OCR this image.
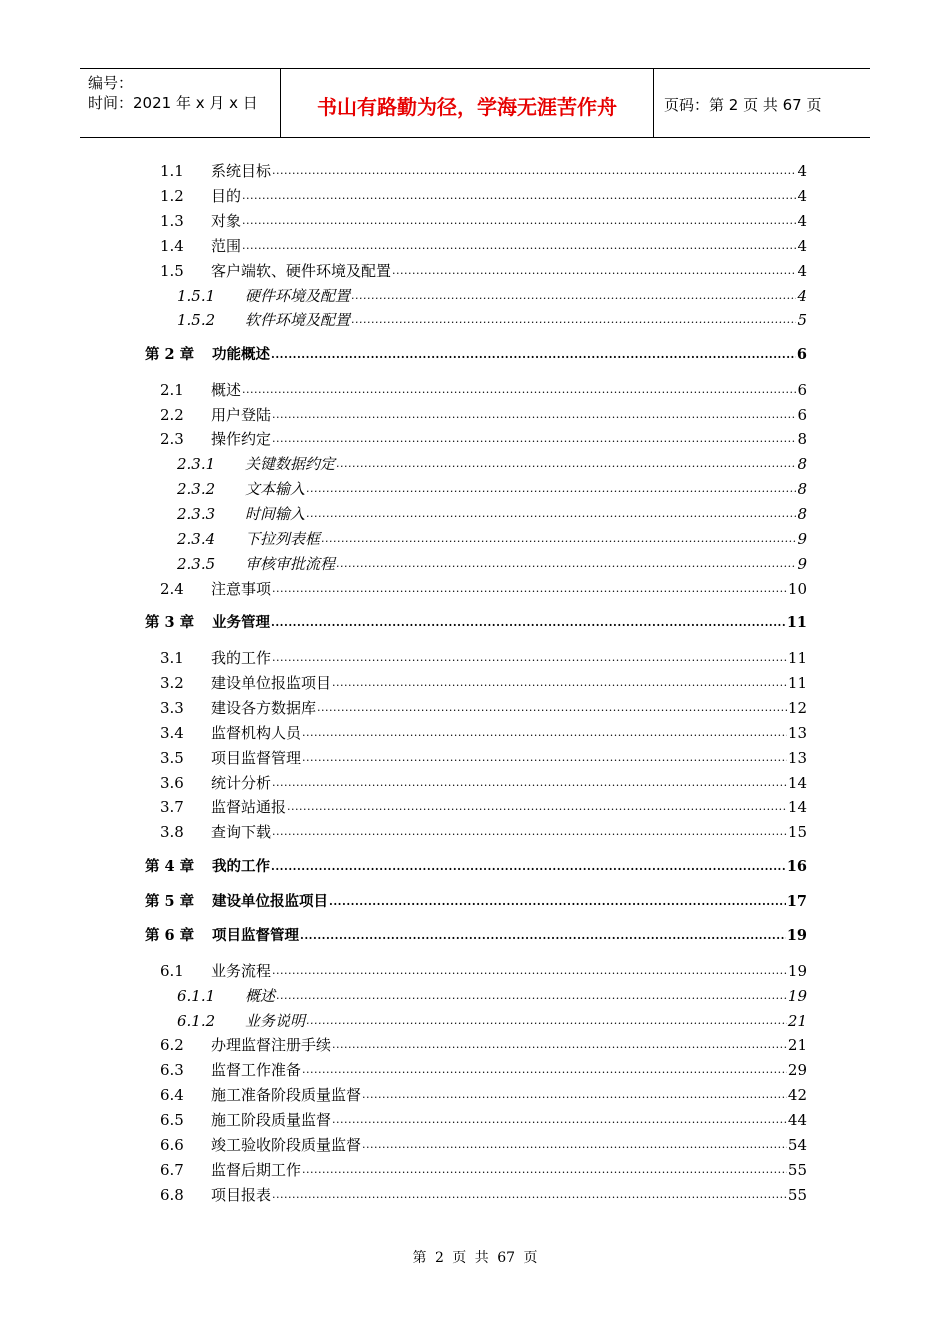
编号：
时间：2021 年 x 月 x 日	书山有路勤为径，学海无涯苦作舟	页码：第 2 页 共 67 页
1.1	系统目标 .....	4
1.2	目的 .....	4
1.3	对象 .....	4
1.4	范围 .....	4
1.5	客户端软、硬件环境及配置 .....	4
1.5.1	硬件环境及配置 .....	4
1.5.2	软件环境及配置 .....	5
第 2 章	功能概述 .....	6
2.1	概述 .....	6
2.2	用户登陆 .....	6
2.3	操作约定 .....	8
2.3.1	关键数据约定 .....	8
2.3.2	文本输入 .....	8
2.3.3	时间输入 .....	8
2.3.4	下拉列表框 .....	9
2.3.5	审核审批流程 .....	9
2.4	注意事项 .....	10
第 3 章	业务管理 .....	11
3.1	我的工作 .....	11
3.2	建设单位报监项目 .....	11
3.3	建设各方数据库 .....	12
3.4	监督机构人员 .....	13
3.5	项目监督管理 .....	13
3.6	统计分析 .....	14
3.7	监督站通报 .....	14
3.8	查询下载 .....	15
第 4 章	我的工作 .....	16
第 5 章	建设单位报监项目 .....	17
第 6 章	项目监督管理 .....	19
6.1	业务流程 .....	19
6.1.1	概述 .....	19
6.1.2	业务说明 .....	21
6.2	办理监督注册手续 .....	21
6.3	监督工作准备 .....	29
6.4	施工准备阶段质量监督 .....	42
6.5	施工阶段质量监督 .....	44
6.6	竣工验收阶段质量监督 .....	54
6.7	监督后期工作 .....	55
6.8	项目报表 .....	55
第 2 页 共 67 页
